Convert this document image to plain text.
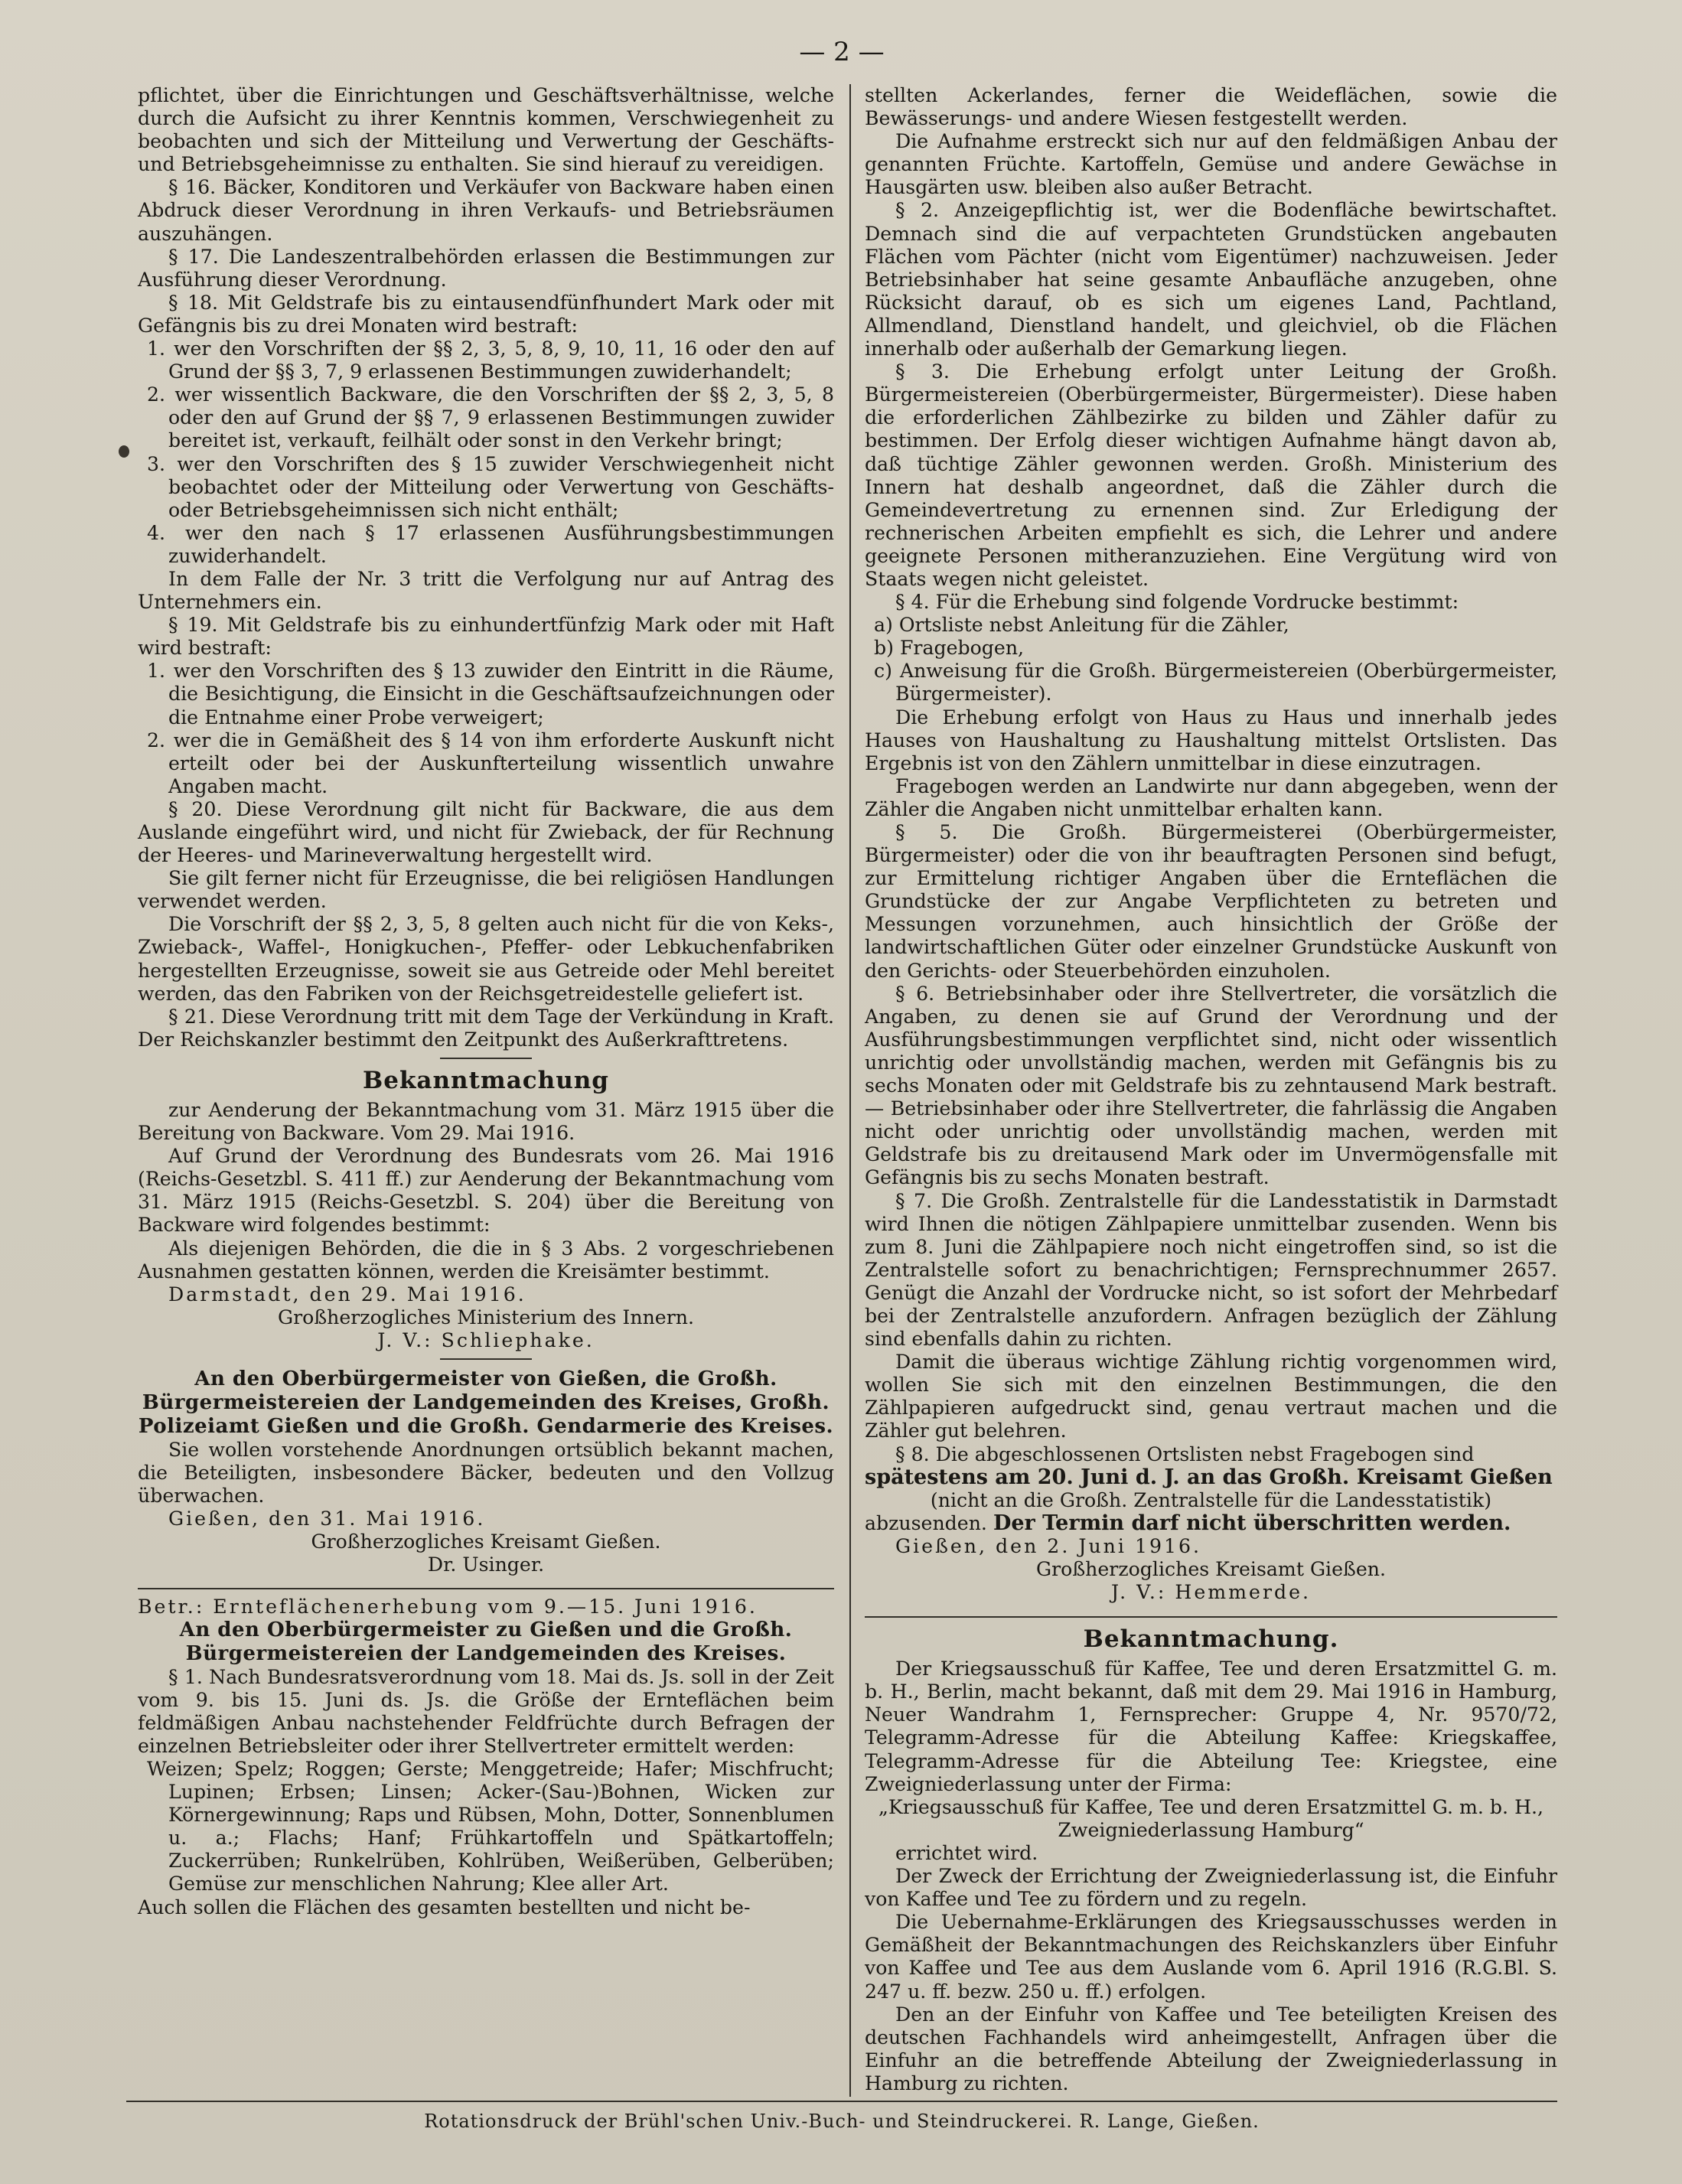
— 2 —

pflichtet, über die Einrichtungen und Geschäftsverhältnisse, welche durch die Aufsicht zu ihrer Kenntnis kommen, Verschwiegenheit zu beobachten und sich der Mitteilung und Verwertung der Geschäfts- und Betriebsgeheimnisse zu enthalten. Sie sind hierauf zu vereidigen.

§ 16. Bäcker, Konditoren und Verkäufer von Backware haben einen Abdruck dieser Verordnung in ihren Verkaufs- und Betriebsräumen auszuhängen.

§ 17. Die Landeszentralbehörden erlassen die Bestimmungen zur Ausführung dieser Verordnung.

§ 18. Mit Geldstrafe bis zu eintausendfünfhundert Mark oder mit Gefängnis bis zu drei Monaten wird bestraft:

1. wer den Vorschriften der §§ 2, 3, 5, 8, 9, 10, 11, 16 oder den auf Grund der §§ 3, 7, 9 erlassenen Bestimmungen zuwiderhandelt;

2. wer wissentlich Backware, die den Vorschriften der §§ 2, 3, 5, 8 oder den auf Grund der §§ 7, 9 erlassenen Bestimmungen zuwider bereitet ist, verkauft, feilhält oder sonst in den Verkehr bringt;

3. wer den Vorschriften des § 15 zuwider Verschwiegenheit nicht beobachtet oder der Mitteilung oder Verwertung von Geschäfts- oder Betriebsgeheimnissen sich nicht enthält;

4. wer den nach § 17 erlassenen Ausführungsbestimmungen zuwiderhandelt.

In dem Falle der Nr. 3 tritt die Verfolgung nur auf Antrag des Unternehmers ein.

§ 19. Mit Geldstrafe bis zu einhundertfünfzig Mark oder mit Haft wird bestraft:

1. wer den Vorschriften des § 13 zuwider den Eintritt in die Räume, die Besichtigung, die Einsicht in die Geschäftsaufzeichnungen oder die Entnahme einer Probe verweigert;

2. wer die in Gemäßheit des § 14 von ihm erforderte Auskunft nicht erteilt oder bei der Auskunfterteilung wissentlich unwahre Angaben macht.

§ 20. Diese Verordnung gilt nicht für Backware, die aus dem Auslande eingeführt wird, und nicht für Zwieback, der für Rechnung der Heeres- und Marineverwaltung hergestellt wird.

Sie gilt ferner nicht für Erzeugnisse, die bei religiösen Handlungen verwendet werden.

Die Vorschrift der §§ 2, 3, 5, 8 gelten auch nicht für die von Keks-, Zwieback-, Waffel-, Honigkuchen-, Pfeffer- oder Lebkuchenfabriken hergestellten Erzeugnisse, soweit sie aus Getreide oder Mehl bereitet werden, das den Fabriken von der Reichsgetreidestelle geliefert ist.

§ 21. Diese Verordnung tritt mit dem Tage der Verkündung in Kraft. Der Reichskanzler bestimmt den Zeitpunkt des Außerkrafttretens.

Bekanntmachung

zur Aenderung der Bekanntmachung vom 31. März 1915 über die Bereitung von Backware. Vom 29. Mai 1916.

Auf Grund der Verordnung des Bundesrats vom 26. Mai 1916 (Reichs-Gesetzbl. S. 411 ff.) zur Aenderung der Bekanntmachung vom 31. März 1915 (Reichs-Gesetzbl. S. 204) über die Bereitung von Backware wird folgendes bestimmt:

Als diejenigen Behörden, die die in § 3 Abs. 2 vorgeschriebenen Ausnahmen gestatten können, werden die Kreisämter bestimmt.

Darmstadt, den 29. Mai 1916.

Großherzogliches Ministerium des Innern.

J. V.: Schliephake.

An den Oberbürgermeister von Gießen, die Großh. Bürgermeistereien der Landgemeinden des Kreises, Großh. Polizeiamt Gießen und die Großh. Gendarmerie des Kreises.

Sie wollen vorstehende Anordnungen ortsüblich bekannt machen, die Beteiligten, insbesondere Bäcker, bedeuten und den Vollzug überwachen.

Gießen, den 31. Mai 1916.

Großherzogliches Kreisamt Gießen.

Dr. Usinger.

Betr.: Ernteflächenerhebung vom 9.—15. Juni 1916.

An den Oberbürgermeister zu Gießen und die Großh. Bürgermeistereien der Landgemeinden des Kreises.

§ 1. Nach Bundesratsverordnung vom 18. Mai ds. Js. soll in der Zeit vom 9. bis 15. Juni ds. Js. die Größe der Ernteflächen beim feldmäßigen Anbau nachstehender Feldfrüchte durch Befragen der einzelnen Betriebsleiter oder ihrer Stellvertreter ermittelt werden:

Weizen; Spelz; Roggen; Gerste; Menggetreide; Hafer; Mischfrucht; Lupinen; Erbsen; Linsen; Acker-(Sau-)Bohnen, Wicken zur Körnergewinnung; Raps und Rübsen, Mohn, Dotter, Sonnenblumen u. a.; Flachs; Hanf; Frühkartoffeln und Spätkartoffeln; Zuckerrüben; Runkelrüben, Kohlrüben, Weißerüben, Gelberüben; Gemüse zur menschlichen Nahrung; Klee aller Art.

Auch sollen die Flächen des gesamten bestellten und nicht be-

stellten Ackerlandes, ferner die Weideflächen, sowie die Bewässerungs- und andere Wiesen festgestellt werden.

Die Aufnahme erstreckt sich nur auf den feldmäßigen Anbau der genannten Früchte. Kartoffeln, Gemüse und andere Gewächse in Hausgärten usw. bleiben also außer Betracht.

§ 2. Anzeigepflichtig ist, wer die Bodenfläche bewirtschaftet. Demnach sind die auf verpachteten Grundstücken angebauten Flächen vom Pächter (nicht vom Eigentümer) nachzuweisen. Jeder Betriebsinhaber hat seine gesamte Anbaufläche anzugeben, ohne Rücksicht darauf, ob es sich um eigenes Land, Pachtland, Allmendland, Dienstland handelt, und gleichviel, ob die Flächen innerhalb oder außerhalb der Gemarkung liegen.

§ 3. Die Erhebung erfolgt unter Leitung der Großh. Bürgermeistereien (Oberbürgermeister, Bürgermeister). Diese haben die erforderlichen Zählbezirke zu bilden und Zähler dafür zu bestimmen. Der Erfolg dieser wichtigen Aufnahme hängt davon ab, daß tüchtige Zähler gewonnen werden. Großh. Ministerium des Innern hat deshalb angeordnet, daß die Zähler durch die Gemeindevertretung zu ernennen sind. Zur Erledigung der rechnerischen Arbeiten empfiehlt es sich, die Lehrer und andere geeignete Personen mitheranzuziehen. Eine Vergütung wird von Staats wegen nicht geleistet.

§ 4. Für die Erhebung sind folgende Vordrucke bestimmt:

a) Ortsliste nebst Anleitung für die Zähler,

b) Fragebogen,

c) Anweisung für die Großh. Bürgermeistereien (Oberbürgermeister, Bürgermeister).

Die Erhebung erfolgt von Haus zu Haus und innerhalb jedes Hauses von Haushaltung zu Haushaltung mittelst Ortslisten. Das Ergebnis ist von den Zählern unmittelbar in diese einzutragen.

Fragebogen werden an Landwirte nur dann abgegeben, wenn der Zähler die Angaben nicht unmittelbar erhalten kann.

§ 5. Die Großh. Bürgermeisterei (Oberbürgermeister, Bürgermeister) oder die von ihr beauftragten Personen sind befugt, zur Ermittelung richtiger Angaben über die Ernteflächen die Grundstücke der zur Angabe Verpflichteten zu betreten und Messungen vorzunehmen, auch hinsichtlich der Größe der landwirtschaftlichen Güter oder einzelner Grundstücke Auskunft von den Gerichts- oder Steuerbehörden einzuholen.

§ 6. Betriebsinhaber oder ihre Stellvertreter, die vorsätzlich die Angaben, zu denen sie auf Grund der Verordnung und der Ausführungsbestimmungen verpflichtet sind, nicht oder wissentlich unrichtig oder unvollständig machen, werden mit Gefängnis bis zu sechs Monaten oder mit Geldstrafe bis zu zehntausend Mark bestraft. — Betriebsinhaber oder ihre Stellvertreter, die fahrlässig die Angaben nicht oder unrichtig oder unvollständig machen, werden mit Geldstrafe bis zu dreitausend Mark oder im Unvermögensfalle mit Gefängnis bis zu sechs Monaten bestraft.

§ 7. Die Großh. Zentralstelle für die Landesstatistik in Darmstadt wird Ihnen die nötigen Zählpapiere unmittelbar zusenden. Wenn bis zum 8. Juni die Zählpapiere noch nicht eingetroffen sind, so ist die Zentralstelle sofort zu benachrichtigen; Fernsprechnummer 2657. Genügt die Anzahl der Vordrucke nicht, so ist sofort der Mehrbedarf bei der Zentralstelle anzufordern. Anfragen bezüglich der Zählung sind ebenfalls dahin zu richten.

Damit die überaus wichtige Zählung richtig vorgenommen wird, wollen Sie sich mit den einzelnen Bestimmungen, die den Zählpapieren aufgedruckt sind, genau vertraut machen und die Zähler gut belehren.

§ 8. Die abgeschlossenen Ortslisten nebst Fragebogen sind

spätestens am 20. Juni d. J. an das Großh. Kreisamt Gießen

(nicht an die Großh. Zentralstelle für die Landesstatistik)

abzusenden. Der Termin darf nicht überschritten werden.

Gießen, den 2. Juni 1916.

Großherzogliches Kreisamt Gießen.

J. V.: Hemmerde.

Bekanntmachung.

Der Kriegsausschuß für Kaffee, Tee und deren Ersatzmittel G. m. b. H., Berlin, macht bekannt, daß mit dem 29. Mai 1916 in Hamburg, Neuer Wandrahm 1, Fernsprecher: Gruppe 4, Nr. 9570/72, Telegramm-Adresse für die Abteilung Kaffee: Kriegskaffee, Telegramm-Adresse für die Abteilung Tee: Kriegstee, eine Zweigniederlassung unter der Firma:

„Kriegsausschuß für Kaffee, Tee und deren Ersatzmittel G. m. b. H.,

Zweigniederlassung Hamburg“

errichtet wird.

Der Zweck der Errichtung der Zweigniederlassung ist, die Einfuhr von Kaffee und Tee zu fördern und zu regeln.

Die Uebernahme-Erklärungen des Kriegsausschusses werden in Gemäßheit der Bekanntmachungen des Reichskanzlers über Einfuhr von Kaffee und Tee aus dem Auslande vom 6. April 1916 (R.G.Bl. S. 247 u. ff. bezw. 250 u. ff.) erfolgen.

Den an der Einfuhr von Kaffee und Tee beteiligten Kreisen des deutschen Fachhandels wird anheimgestellt, Anfragen über die Einfuhr an die betreffende Abteilung der Zweigniederlassung in Hamburg zu richten.

Rotationsdruck der Brühl'schen Univ.-Buch- und Steindruckerei. R. Lange, Gießen.
